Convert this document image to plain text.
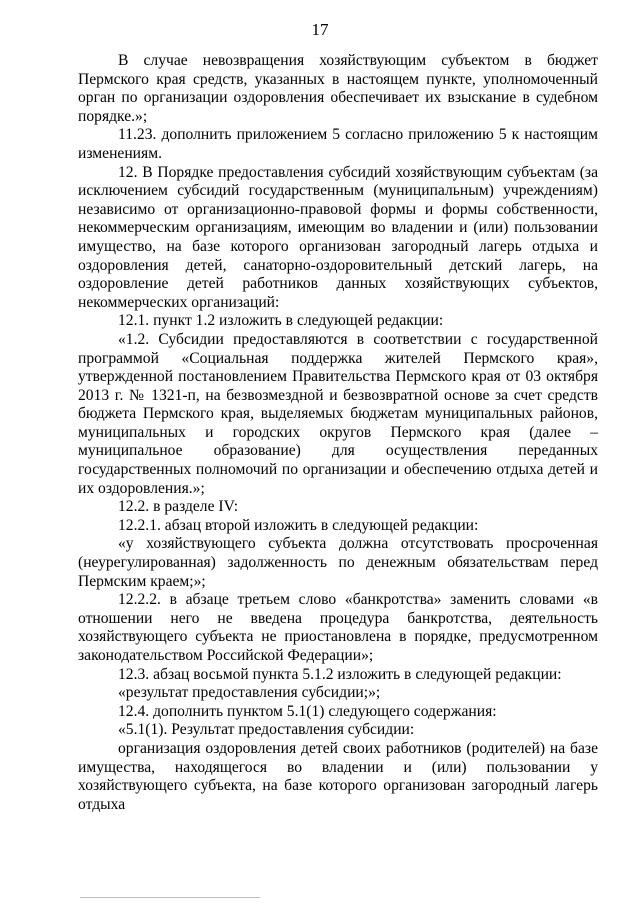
17

В случае невозвращения хозяйствующим субъектом в бюджет Пермского края средств, указанных в настоящем пункте, уполномоченный орган по организации оздоровления обеспечивает их взыскание в судебном порядке.»;

11.23. дополнить приложением 5 согласно приложению 5 к настоящим изменениям.

12. В Порядке предоставления субсидий хозяйствующим субъектам (за исключением субсидий государственным (муниципальным) учреждениям) независимо от организационно-правовой формы и формы собственности, некоммерческим организациям, имеющим во владении и (или) пользовании имущество, на базе которого организован загородный лагерь отдыха и оздоровления детей, санаторно-оздоровительный детский лагерь, на оздоровление детей работников данных хозяйствующих субъектов, некоммерческих организаций:

12.1. пункт 1.2 изложить в следующей редакции:

«1.2. Субсидии предоставляются в соответствии с государственной программой «Социальная поддержка жителей Пермского края», утвержденной постановлением Правительства Пермского края от 03 октября 2013 г. № 1321-п, на безвозмездной и безвозвратной основе за счет средств бюджета Пермского края, выделяемых бюджетам муниципальных районов, муниципальных и городских округов Пермского края (далее – муниципальное образование) для осуществления переданных государственных полномочий по организации и обеспечению отдыха детей и их оздоровления.»;

12.2. в разделе IV:

12.2.1. абзац второй изложить в следующей редакции:

«у хозяйствующего субъекта должна отсутствовать просроченная (неурегулированная) задолженность по денежным обязательствам перед Пермским краем;»;

12.2.2. в абзаце третьем слово «банкротства» заменить словами «в отношении него не введена процедура банкротства, деятельность хозяйствующего субъекта не приостановлена в порядке, предусмотренном законодательством Российской Федерации»;

12.3. абзац восьмой пункта 5.1.2 изложить в следующей редакции:

«результат предоставления субсидии;»;

12.4. дополнить пунктом 5.1(1) следующего содержания:

«5.1(1). Результат предоставления субсидии:

организация оздоровления детей своих работников (родителей) на базе имущества, находящегося во владении и (или) пользовании у хозяйствующего субъекта, на базе которого организован загородный лагерь отдыха
